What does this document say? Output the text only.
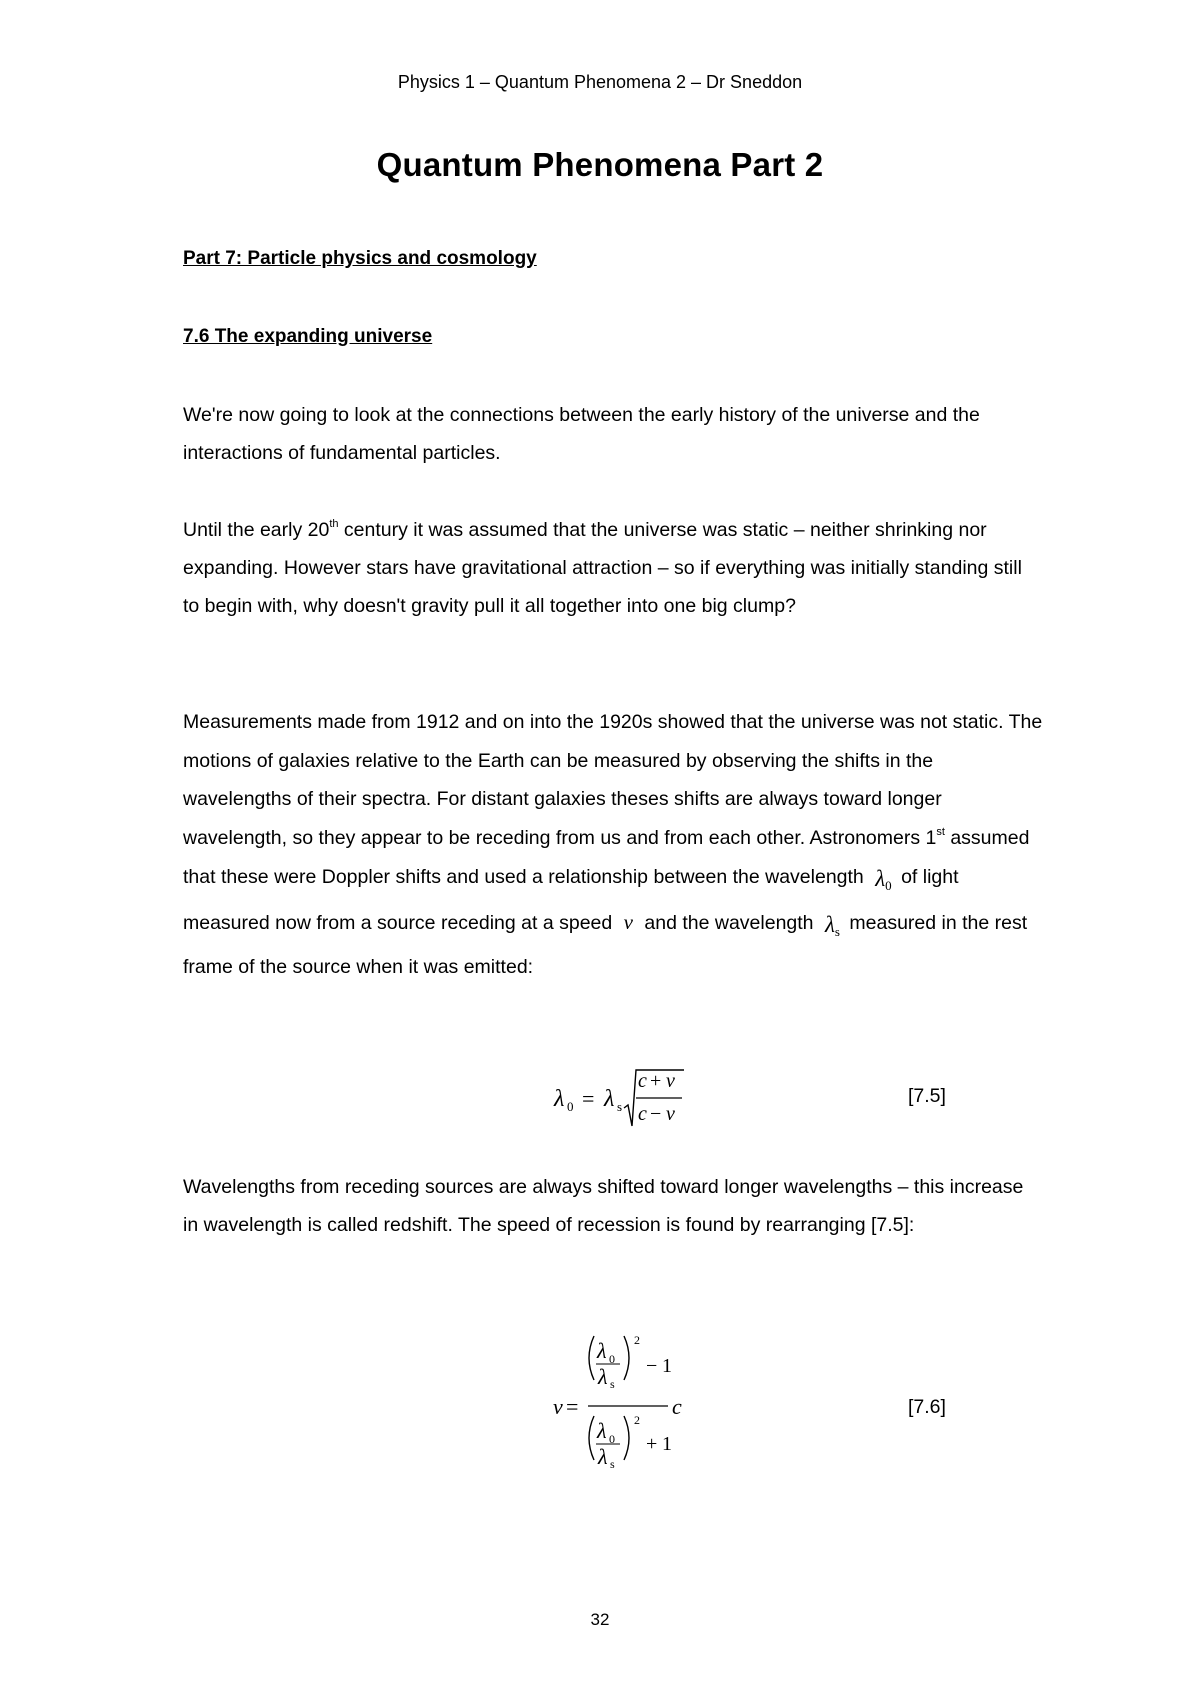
Physics 1 – Quantum Phenomena 2 – Dr Sneddon
Quantum Phenomena Part 2
Part 7: Particle physics and cosmology
7.6 The expanding universe
We're now going to look at the connections between the early history of the universe and the interactions of fundamental particles.
Until the early 20th century it was assumed that the universe was static – neither shrinking nor expanding. However stars have gravitational attraction – so if everything was initially standing still to begin with, why doesn't gravity pull it all together into one big clump?
Measurements made from 1912 and on into the 1920s showed that the universe was not static. The motions of galaxies relative to the Earth can be measured by observing the shifts in the wavelengths of their spectra. For distant galaxies theses shifts are always toward longer wavelength, so they appear to be receding from us and from each other. Astronomers 1st assumed that these were Doppler shifts and used a relationship between the wavelength $\lambda_0$ of light measured now from a source receding at a speed v and the wavelength $\lambda_s$ measured in the rest frame of the source when it was emitted:
λ 0 = λ s
c + v
c − v
[7.5]
Wavelengths from receding sources are always shifted toward longer wavelengths – this increase in wavelength is called redshift. The speed of recession is found by rearranging [7.5]:
v =
λ 0
λ s
2
− 1
c
λ 0
λ s
2
+ 1
[7.6]
32
